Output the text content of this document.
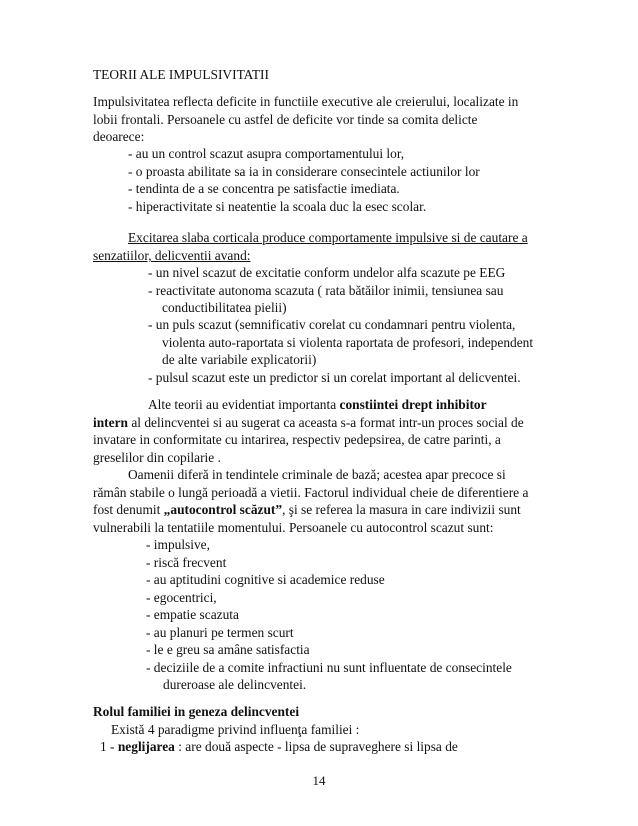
TEORII ALE IMPULSIVITATII
Impulsivitatea reflecta deficite in functiile executive ale creierului, localizate in
lobii frontali. Persoanele cu astfel de deficite vor tinde sa comita delicte
deoarece:
- au un control scazut asupra comportamentului lor,
- o proasta abilitate sa ia in considerare consecintele actiunilor lor
- tendinta de a se concentra pe satisfactie imediata.
- hiperactivitate si neatentie la scoala duc la esec scolar.
Excitarea slaba corticala produce comportamente impulsive si de cautare a
senzatiilor, delicventii avand:
- un nivel scazut de excitatie conform undelor alfa scazute pe EEG
- reactivitate autonoma scazuta ( rata bătăilor inimii, tensiunea sau
conductibilitatea pielii)
- un puls scazut (semnificativ corelat cu condamnari pentru violenta,
violenta auto-raportata si violenta raportata de profesori, independent
de alte variabile explicatorii)
- pulsul scazut este un predictor si un corelat important al delicventei.
Alte teorii au evidentiat importanta constiintei drept inhibitor
intern al delincventei si au sugerat ca aceasta s-a format intr-un proces social de
invatare in conformitate cu intarirea, respectiv pedepsirea, de catre parinti, a
greselilor din copilarie .
Oamenii diferă in tendintele criminale de bază; acestea apar precoce si
rămân stabile o lungă perioadă a vietii. Factorul individual cheie de diferentiere a
fost denumit „autocontrol scăzut”, şi se referea la masura in care indivizii sunt
vulnerabili la tentatiile momentului. Persoanele cu autocontrol scazut sunt:
- impulsive,
- riscă frecvent
- au aptitudini cognitive si academice reduse
- egocentrici,
- empatie scazuta
- au planuri pe termen scurt
- le e greu sa amâne satisfactia
- deciziile de a comite infractiuni nu sunt influentate de consecintele
dureroase ale delincventei.
Rolul familiei in geneza delincventei
Există 4 paradigme privind influenţa familiei :
1 - neglijarea : are două aspecte - lipsa de supraveghere si lipsa de
14
